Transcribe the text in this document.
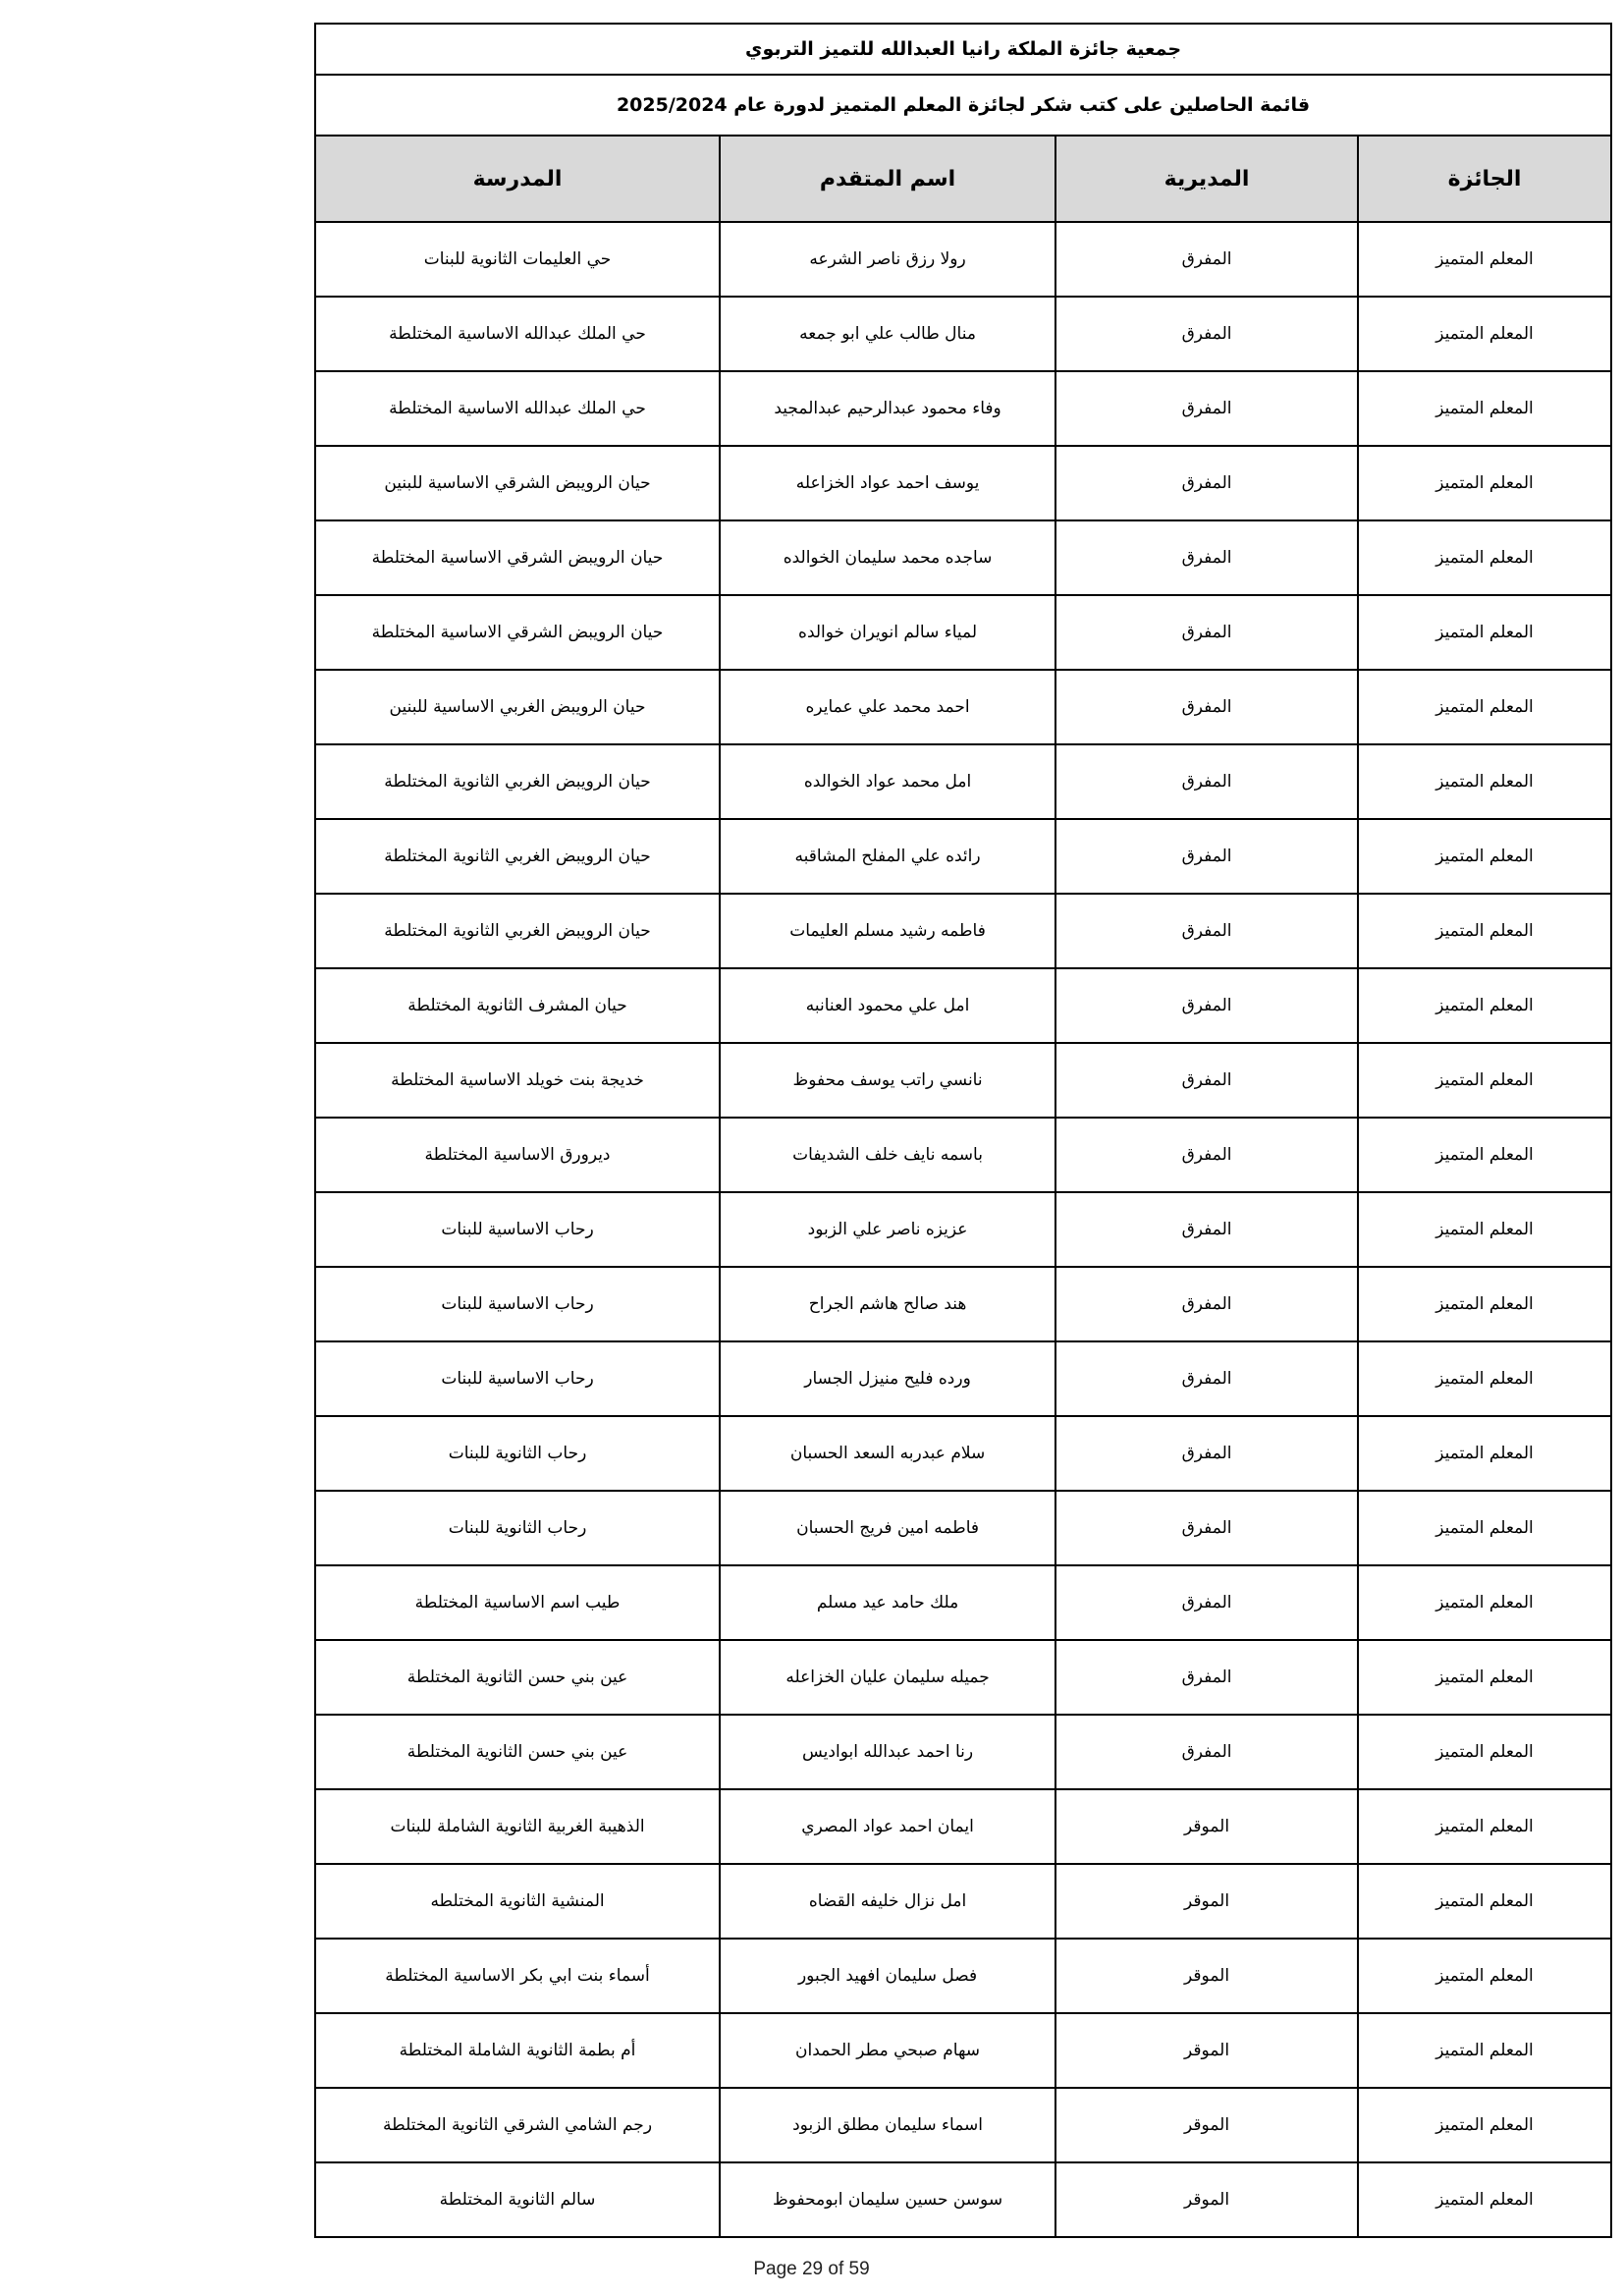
جمعية جائزة الملكة رانيا العبدالله للتميز التربوي			
قائمة الحاصلين على كتب شكر لجائزة المعلم المتميز لدورة عام 2025/2024			
الجائزة	المديرية	اسم المتقدم	المدرسة
المعلم المتميز	المفرق	رولا رزق ناصر الشرعه	حي العليمات الثانوية للبنات
المعلم المتميز	المفرق	منال طالب علي ابو جمعه	حي الملك عبدالله الاساسية المختلطة
المعلم المتميز	المفرق	وفاء محمود عبدالرحيم عبدالمجيد	حي الملك عبدالله الاساسية المختلطة
المعلم المتميز	المفرق	يوسف احمد عواد الخزاعله	حيان الرويبض الشرقي الاساسية للبنين
المعلم المتميز	المفرق	ساجده محمد سليمان الخوالده	حيان الرويبض الشرقي الاساسية المختلطة
المعلم المتميز	المفرق	لمياء سالم انويران خوالده	حيان الرويبض الشرقي الاساسية المختلطة
المعلم المتميز	المفرق	احمد محمد علي عمايره	حيان الرويبض الغربي الاساسية للبنين
المعلم المتميز	المفرق	امل محمد عواد الخوالده	حيان الرويبض الغربي الثانوية المختلطة
المعلم المتميز	المفرق	رائده علي المفلح المشاقبه	حيان الرويبض الغربي الثانوية المختلطة
المعلم المتميز	المفرق	فاطمه رشيد مسلم العليمات	حيان الرويبض الغربي الثانوية المختلطة
المعلم المتميز	المفرق	امل علي محمود العنانبه	حيان المشرف الثانوية المختلطة
المعلم المتميز	المفرق	نانسي راتب يوسف محفوظ	خديجة بنت خويلد الاساسية المختلطة
المعلم المتميز	المفرق	باسمه نايف خلف الشديفات	ديرورق الاساسية المختلطة
المعلم المتميز	المفرق	عزيزه ناصر علي الزبود	رحاب الاساسية للبنات
المعلم المتميز	المفرق	هند صالح هاشم الجراح	رحاب الاساسية للبنات
المعلم المتميز	المفرق	ورده فليح منيزل الجسار	رحاب الاساسية للبنات
المعلم المتميز	المفرق	سلام عبدربه السعد الحسبان	رحاب الثانوية للبنات
المعلم المتميز	المفرق	فاطمه امين فريج الحسبان	رحاب الثانوية للبنات
المعلم المتميز	المفرق	ملك حامد عيد مسلم	طيب اسم الاساسية المختلطة
المعلم المتميز	المفرق	جميله سليمان عليان الخزاعله	عين بني حسن الثانوية المختلطة
المعلم المتميز	المفرق	رنا احمد عبدالله ابواديس	عين بني حسن الثانوية المختلطة
المعلم المتميز	الموقر	ايمان احمد عواد المصري	الذهيبة الغربية الثانوية الشاملة للبنات
المعلم المتميز	الموقر	امل نزال خليفه القضاه	المنشية الثانوية المختلطه
المعلم المتميز	الموقر	فصل سليمان افهيد الجبور	أسماء بنت ابي بكر الاساسية المختلطة
المعلم المتميز	الموقر	سهام صبحي مطر الحمدان	أم بطمة الثانوية الشاملة المختلطة
المعلم المتميز	الموقر	اسماء سليمان مطلق الزبود	رجم الشامي الشرقي الثانوية المختلطة
المعلم المتميز	الموقر	سوسن حسين سليمان ابومحفوظ	سالم الثانوية المختلطة
Page 29 of 59
